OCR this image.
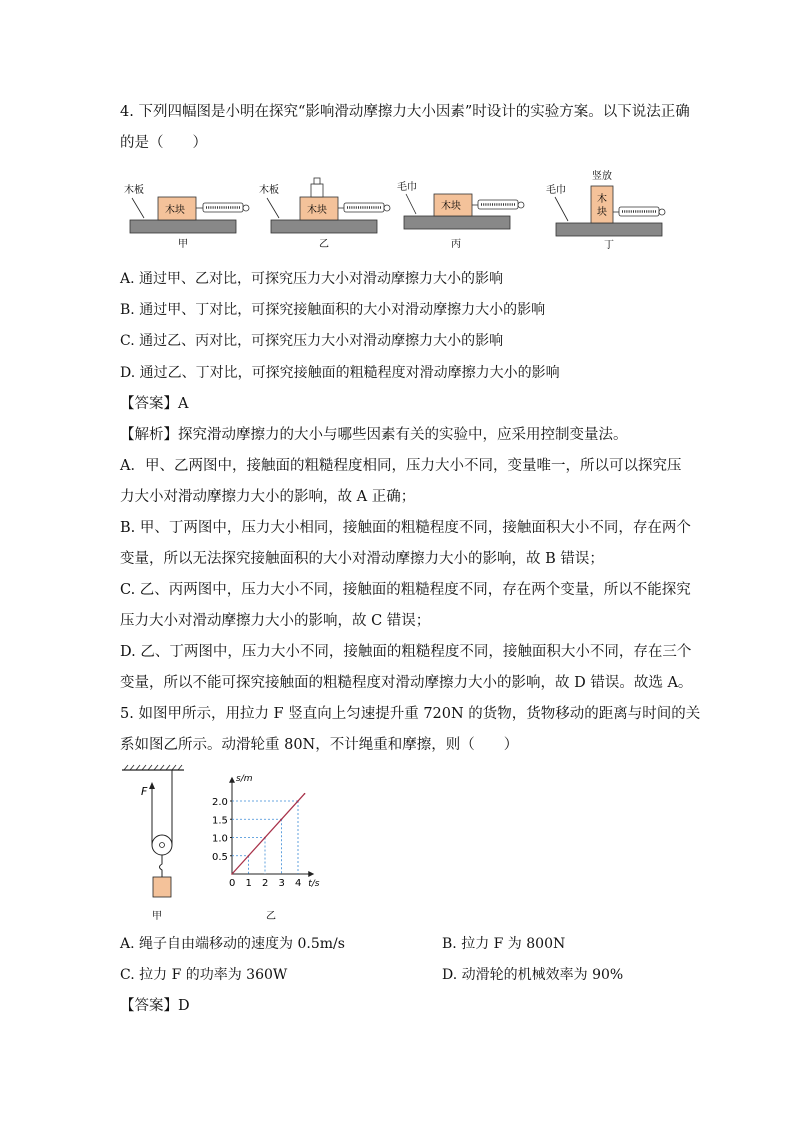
4. 下列四幅图是小明在探究“影响滑动摩擦力大小因素”时设计的实验方案。以下说法正确
的是（　　）
木板
木块
甲
木板
木块
乙
毛巾
木块
丙
竖放
毛巾
木
块
丁
A. 通过甲、乙对比，可探究压力大小对滑动摩擦力大小的影响
B. 通过甲、丁对比，可探究接触面积的大小对滑动摩擦力大小的影响
C. 通过乙、丙对比，可探究压力大小对滑动摩擦力大小的影响
D. 通过乙、丁对比，可探究接触面的粗糙程度对滑动摩擦力大小的影响
【答案】A
【解析】探究滑动摩擦力的大小与哪些因素有关的实验中，应采用控制变量法。
A．甲、乙两图中，接触面的粗糙程度相同，压力大小不同，变量唯一，所以可以探究压
力大小对滑动摩擦力大小的影响，故 A 正确；
B. 甲、丁两图中，压力大小相同，接触面的粗糙程度不同，接触面积大小不同，存在两个
变量，所以无法探究接触面积的大小对滑动摩擦力大小的影响，故 B 错误；
C. 乙、丙两图中，压力大小不同，接触面的粗糙程度不同，存在两个变量，所以不能探究
压力大小对滑动摩擦力大小的影响，故 C 错误；
D. 乙、丁两图中，压力大小不同，接触面的粗糙程度不同，接触面积大小不同，存在三个
变量，所以不能可探究接触面的粗糙程度对滑动摩擦力大小的影响，故 D 错误。故选 A。
5. 如图甲所示，用拉力 F 竖直向上匀速提升重 720N 的货物，货物移动的距离与时间的关
系如图乙所示。动滑轮重 80N，不计绳重和摩擦，则（　　）
F
甲
s/m
t/s
0 1 2 3 4
0.5
1.0
1.5
2.0
乙
A. 绳子自由端移动的速度为 0.5m/s	B. 拉力 F 为 800N
C. 拉力 F 的功率为 360W	D. 动滑轮的机械效率为 90%
【答案】D
